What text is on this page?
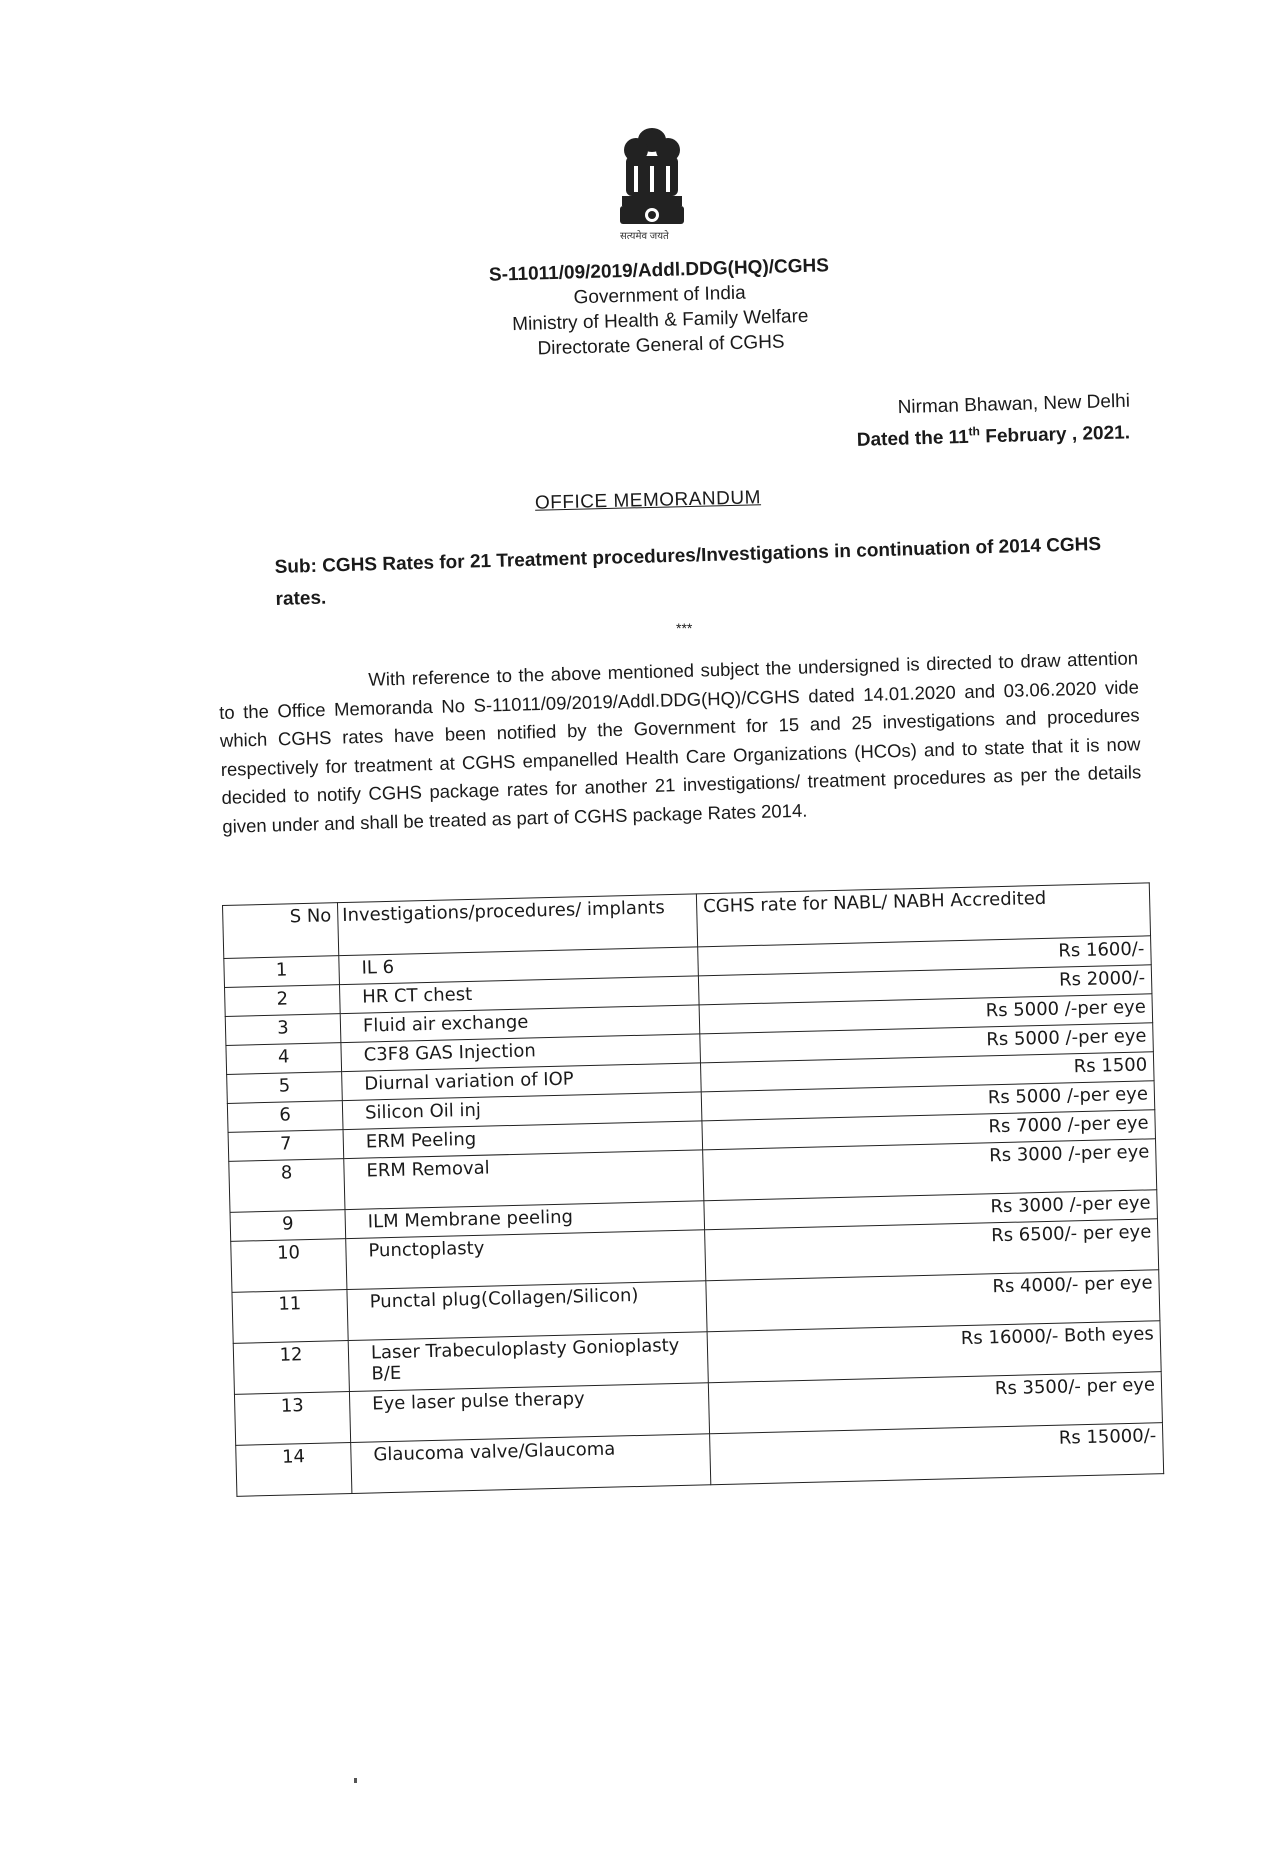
सत्यमेव जयते
S-11011/09/2019/Addl.DDG(HQ)/CGHS
Government of India
Ministry of Health & Family Welfare
Directorate General of CGHS
Nirman Bhawan, New Delhi
Dated the 11th February , 2021.
OFFICE MEMORANDUM
Sub: CGHS Rates for 21 Treatment procedures/Investigations in continuation of 2014 CGHS rates.
***

With reference to the above mentioned subject the undersigned is directed to draw attention to the Office Memoranda No S-11011/09/2019/Addl.DDG(HQ)/CGHS dated 14.01.2020 and 03.06.2020 vide which CGHS rates have been notified by the Government for 15 and 25 investigations and procedures respectively for treatment at CGHS empanelled Health Care Organizations (HCOs) and to state that it is now decided to notify CGHS package rates for another 21 investigations/ treatment procedures as per the details given under and shall be treated as part of CGHS package Rates 2014.

S No	Investigations/procedures/ implants	CGHS rate for NABL/ NABH Accredited
1	IL 6	Rs 1600/-
2	HR CT chest	Rs 2000/-
3	Fluid air exchange	Rs 5000 /-per eye
4	C3F8 GAS Injection	Rs 5000 /-per eye
5	Diurnal variation of IOP	Rs 1500
6	Silicon Oil inj	Rs 5000 /-per eye
7	ERM Peeling	Rs 7000 /-per eye
8	ERM Removal	Rs 3000 /-per eye
9	ILM Membrane peeling	Rs 3000 /-per eye
10	Punctoplasty	Rs 6500/- per eye
11	Punctal plug(Collagen/Silicon)	Rs 4000/- per eye
12	Laser Trabeculoplasty Gonioplasty B/E	Rs 16000/- Both eyes
13	Eye laser pulse therapy	Rs 3500/- per eye
14	Glaucoma valve/Glaucoma	Rs 15000/-
